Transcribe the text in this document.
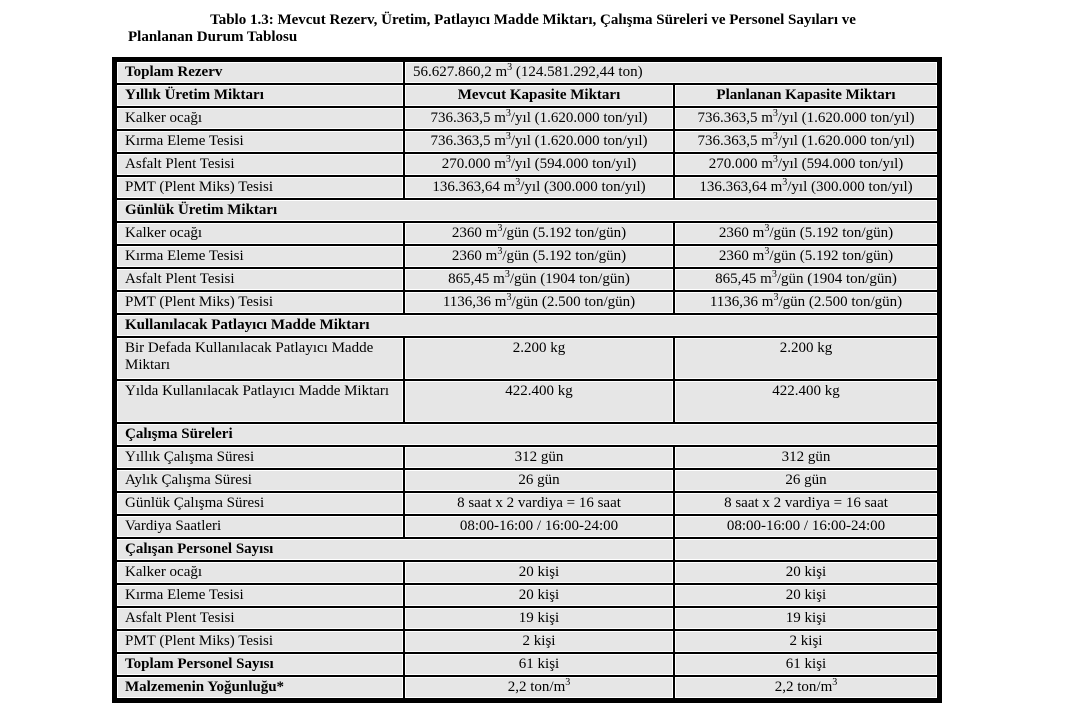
Tablo 1.3: Mevcut Rezerv, Üretim, Patlayıcı Madde Miktarı, Çalışma Süreleri ve Personel Sayıları ve
Planlanan Durum Tablosu
Toplam Rezerv	56.627.860,2 $m^3$ (124.581.292,44 ton)	
Yıllık Üretim Miktarı	Mevcut Kapasite Miktarı	Planlanan Kapasite Miktarı
Kalker ocağı	736.363,5 $m^3$/yıl (1.620.000 ton/yıl)	736.363,5 $m^3$/yıl (1.620.000 ton/yıl)
Kırma Eleme Tesisi	736.363,5 $m^3$/yıl (1.620.000 ton/yıl)	736.363,5 $m^3$/yıl (1.620.000 ton/yıl)
Asfalt Plent Tesisi	270.000 $m^3$/yıl (594.000 ton/yıl)	270.000 $m^3$/yıl (594.000 ton/yıl)
PMT (Plent Miks) Tesisi	136.363,64 $m^3$/yıl (300.000 ton/yıl)	136.363,64 $m^3$/yıl (300.000 ton/yıl)
Günlük Üretim Miktarı		
Kalker ocağı	2360 $m^3$/gün (5.192 ton/gün)	2360 $m^3$/gün (5.192 ton/gün)
Kırma Eleme Tesisi	2360 $m^3$/gün (5.192 ton/gün)	2360 $m^3$/gün (5.192 ton/gün)
Asfalt Plent Tesisi	865,45 $m^3$/gün (1904 ton/gün)	865,45 $m^3$/gün (1904 ton/gün)
PMT (Plent Miks) Tesisi	1136,36 $m^3$/gün (2.500 ton/gün)	1136,36 $m^3$/gün (2.500 ton/gün)
Kullanılacak Patlayıcı Madde Miktarı		
Bir Defada Kullanılacak Patlayıcı Madde Miktarı	2.200 kg	2.200 kg
Yılda Kullanılacak Patlayıcı Madde Miktarı	422.400 kg	422.400 kg
Çalışma Süreleri		
Yıllık Çalışma Süresi	312 gün	312 gün
Aylık Çalışma Süresi	26 gün	26 gün
Günlük Çalışma Süresi	8 saat x 2 vardiya = 16 saat	8 saat x 2 vardiya = 16 saat
Vardiya Saatleri	08:00-16:00 / 16:00-24:00	08:00-16:00 / 16:00-24:00
Çalışan Personel Sayısı		
Kalker ocağı	20 kişi	20 kişi
Kırma Eleme Tesisi	20 kişi	20 kişi
Asfalt Plent Tesisi	19 kişi	19 kişi
PMT (Plent Miks) Tesisi	2 kişi	2 kişi
Toplam Personel Sayısı	61 kişi	61 kişi
Malzemenin Yoğunluğu*	2,2 ton/$m^3$	2,2 ton/$m^3$
